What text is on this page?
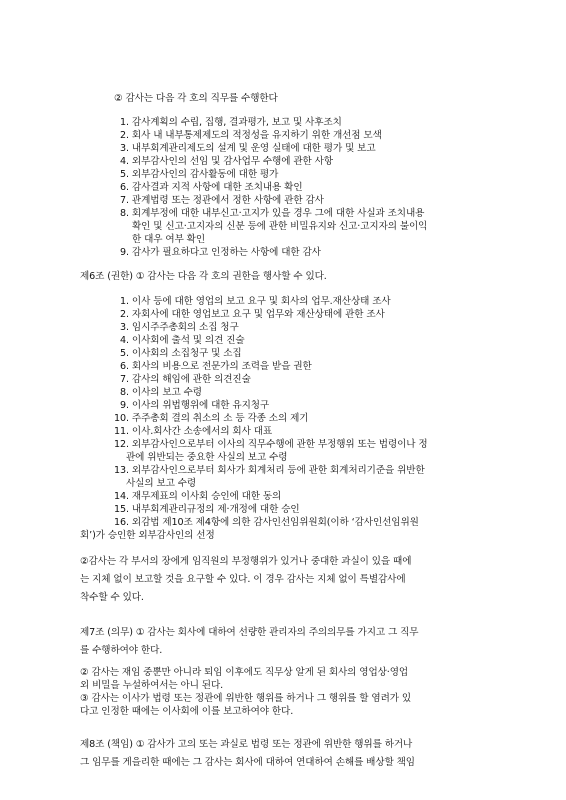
② 감사는 다음 각 호의 직무를 수행한다
1. 감사계획의 수립, 집행, 결과평가, 보고 및 사후조치
2. 회사 내 내부통제제도의 적정성을 유지하기 위한 개선점 모색
3. 내부회계관리제도의 설계 및 운영 실태에 대한 평가 및 보고
4. 외부감사인의 선임 및 감사업무 수행에 관한 사항
5. 외부감사인의 감사활동에 대한 평가
6. 감사결과 지적 사항에 대한 조치내용 확인
7. 관계법령 또는 정관에서 정한 사항에 관한 감사
8. 회계부정에 대한 내부신고·고지가 있을 경우 그에 대한 사실과 조치내용
확인 및 신고·고지자의 신분 등에 관한 비밀유지와 신고·고지자의 불이익
한 대우 여부 확인
9. 감사가 필요하다고 인정하는 사항에 대한 감사
제6조 (권한) ① 감사는 다음 각 호의 권한을 행사할 수 있다.
1. 이사 등에 대한 영업의 보고 요구 및 회사의 업무.재산상태 조사
2. 자회사에 대한 영업보고 요구 및 업무와 재산상태에 관한 조사
3. 임시주주총회의 소집 청구
4. 이사회에 출석 및 의견 진술
5. 이사회의 소집청구 및 소집
6. 회사의 비용으로 전문가의 조력을 받을 권한
7. 감사의 해임에 관한 의견진술
8. 이사의 보고 수령
9. 이사의 위법행위에 대한 유지청구
10. 주주총회 결의 취소의 소 등 각종 소의 제기
11. 이사.회사간 소송에서의 회사 대표
12. 외부감사인으로부터 이사의 직무수행에 관한 부정행위 또는 법령이나 정
관에 위반되는 중요한 사실의 보고 수령
13. 외부감사인으로부터 회사가 회계처리 등에 관한 회계처리기준을 위반한
사실의 보고 수령
14. 재무제표의 이사회 승인에 대한 동의
15. 내부회계관리규정의 제·개정에 대한 승인
16. 외감법 제10조 제4항에 의한 감사인선임위원회(이하 ‘감사인선임위원
회’)가 승인한 외부감사인의 선정
②감사는 각 부서의 장에게 임직원의 부정행위가 있거나 중대한 과실이 있을 때에
는 지체 없이 보고할 것을 요구할 수 있다. 이 경우 감사는 지체 없이 특별감사에
착수할 수 있다.
제7조 (의무) ① 감사는 회사에 대하여 선량한 관리자의 주의의무를 가지고 그 직무
를 수행하여야 한다.
② 감사는 재임 중뿐만 아니라 퇴임 이후에도 직무상 알게 된 회사의 영업상·영업
외 비밀을 누설하여서는 아니 된다.
③ 감사는 이사가 법령 또는 정관에 위반한 행위를 하거나 그 행위를 할 염려가 있
다고 인정한 때에는 이사회에 이를 보고하여야 한다.
제8조 (책임) ① 감사가 고의 또는 과실로 법령 또는 정관에 위반한 행위를 하거나
그 임무를 게을리한 때에는 그 감사는 회사에 대하여 연대하여 손해를 배상할 책임
